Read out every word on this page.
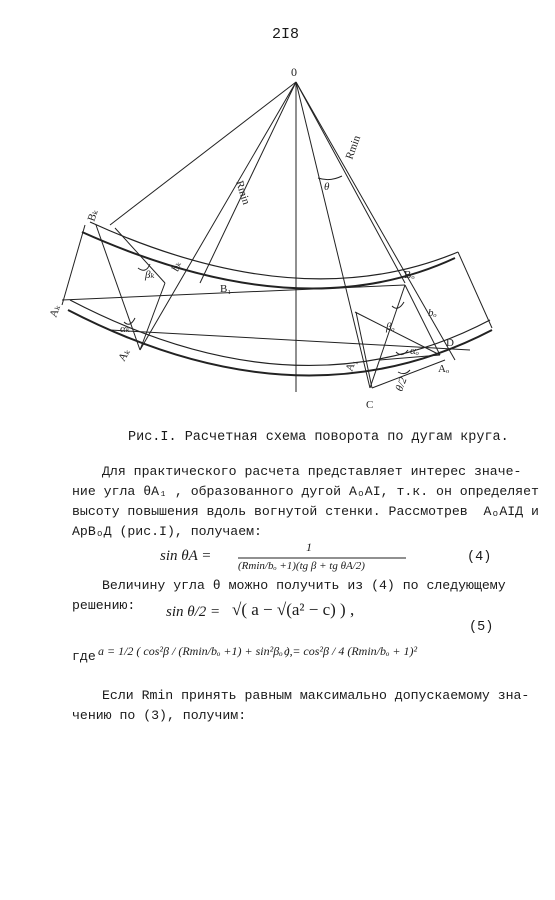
2I8
0
Rmin
Rmin
θ
Bₖ
βₖ
bₖ
Aₖ
αₖ
Aₖ
B₁
Bₒ
βₒ
bₒ
A₁
αₒ
θ/2
C
D
Aₒ
Рис.I. Расчетная схема поворота по дугам круга.
Для практического расчета представляет интерес значе-
ние угла θA₁ , образованного дугой AₒAI, т.к. он определяет
высоту повышения вдоль вогнутой стенки. Рассмотрев  AₒAIД и
ApBₒД (рис.I), получаем:
sin θA =
1
(Rmin/bₒ +1)(tg β + tg θA/2)
(4)
Величину угла θ можно получить из (4) по следующему
решению: sin θ/2 = √( a − √(a² − c) ) ,
(5)
где a = 1/2 ( cos²β / (Rmin/bₒ +1) + sin²βₒ ),
c = cos²β / 4 (Rmin/bₒ + 1)²
Если Rmin принять равным максимально допускаемому зна-
чению по (3), получим:
